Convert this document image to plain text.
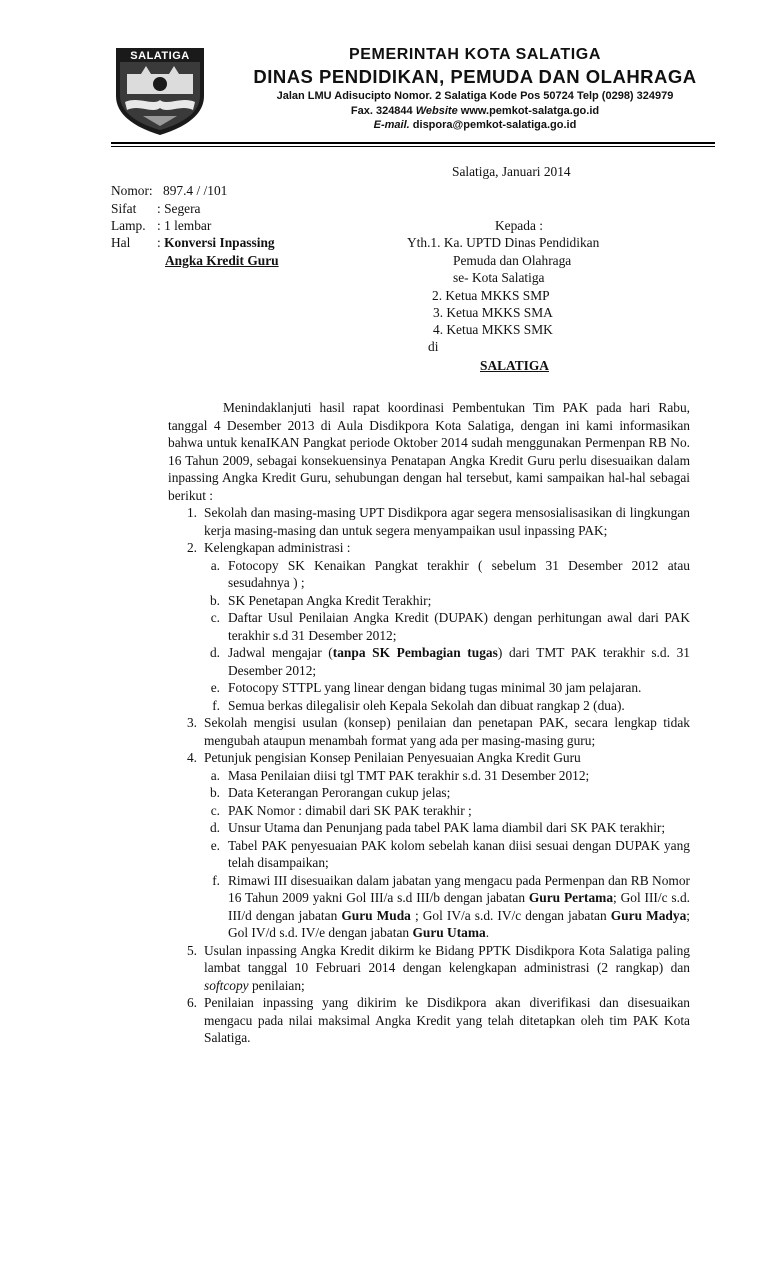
SALATIGA	PEMERINTAH KOTA SALATIGA
DINAS PENDIDIKAN, PEMUDA DAN OLAHRAGA
Jalan LMU Adisucipto Nomor. 2 Salatiga Kode Pos 50724 Telp (0298) 324979
Fax. 324844 Website www.pemkot-salatga.go.id
E-mail. dispora@pemkot-salatiga.go.id
Salatiga, Januari 2014
Nomor: 897.4 / /101
Sifat : Segera
Lamp. : 1 lembar
Hal : Konversi Inpassing
Angka Kredit Guru
Kepada :
Yth.1. Ka. UPTD Dinas Pendidikan
Pemuda dan Olahraga
se- Kota Salatiga
2. Ketua MKKS SMP
3. Ketua MKKS SMA
4. Ketua MKKS SMK
di
SALATIGA
Menindaklanjuti hasil rapat koordinasi Pembentukan Tim PAK pada hari Rabu, tanggal 4 Desember 2013 di Aula Disdikpora Kota Salatiga, dengan ini kami informasikan bahwa untuk kenaIKAN Pangkat periode Oktober 2014 sudah menggunakan Permenpan RB No. 16 Tahun 2009, sebagai konsekuensinya Penatapan Angka Kredit Guru perlu disesuaikan dalam inpassing Angka Kredit Guru, sehubungan dengan hal tersebut, kami sampaikan hal-hal sebagai berikut :
1. Sekolah dan masing-masing UPT Disdikpora agar segera mensosialisasikan di lingkungan kerja masing-masing dan untuk segera menyampaikan usul inpassing PAK;
2. Kelengkapan administrasi :
a. Fotocopy SK Kenaikan Pangkat terakhir ( sebelum 31 Desember 2012 atau sesudahnya ) ;
b. SK Penetapan Angka Kredit Terakhir;
c. Daftar Usul Penilaian Angka Kredit (DUPAK) dengan perhitungan awal dari PAK terakhir s.d 31 Desember 2012;
d. Jadwal mengajar (tanpa SK Pembagian tugas) dari TMT PAK terakhir s.d. 31 Desember 2012;
e. Fotocopy STTPL yang linear dengan bidang tugas minimal 30 jam pelajaran.
f. Semua berkas dilegalisir oleh Kepala Sekolah dan dibuat rangkap 2 (dua).
3. Sekolah mengisi usulan (konsep) penilaian dan penetapan PAK, secara lengkap tidak mengubah ataupun menambah format yang ada per masing-masing guru;
4. Petunjuk pengisian Konsep Penilaian Penyesuaian Angka Kredit Guru
a. Masa Penilaian diisi tgl TMT PAK terakhir s.d. 31 Desember 2012;
b. Data Keterangan Perorangan cukup jelas;
c. PAK Nomor : dimabil dari SK PAK terakhir ;
d. Unsur Utama dan Penunjang pada tabel PAK lama diambil dari SK PAK terakhir;
e. Tabel PAK penyesuaian PAK kolom sebelah kanan diisi sesuai dengan DUPAK yang telah disampaikan;
f. Rimawi III disesuaikan dalam jabatan yang mengacu pada Permenpan dan RB Nomor 16 Tahun 2009 yakni Gol III/a s.d III/b dengan jabatan Guru Pertama; Gol III/c s.d. III/d dengan jabatan Guru Muda ; Gol IV/a s.d. IV/c dengan jabatan Guru Madya; Gol IV/d s.d. IV/e dengan jabatan Guru Utama.
5. Usulan inpassing Angka Kredit dikirm ke Bidang PPTK Disdikpora Kota Salatiga paling lambat tanggal 10 Februari 2014 dengan kelengkapan administrasi (2 rangkap) dan softcopy penilaian;
6. Penilaian inpassing yang dikirim ke Disdikpora akan diverifikasi dan disesuaikan mengacu pada nilai maksimal Angka Kredit yang telah ditetapkan oleh tim PAK Kota Salatiga.
